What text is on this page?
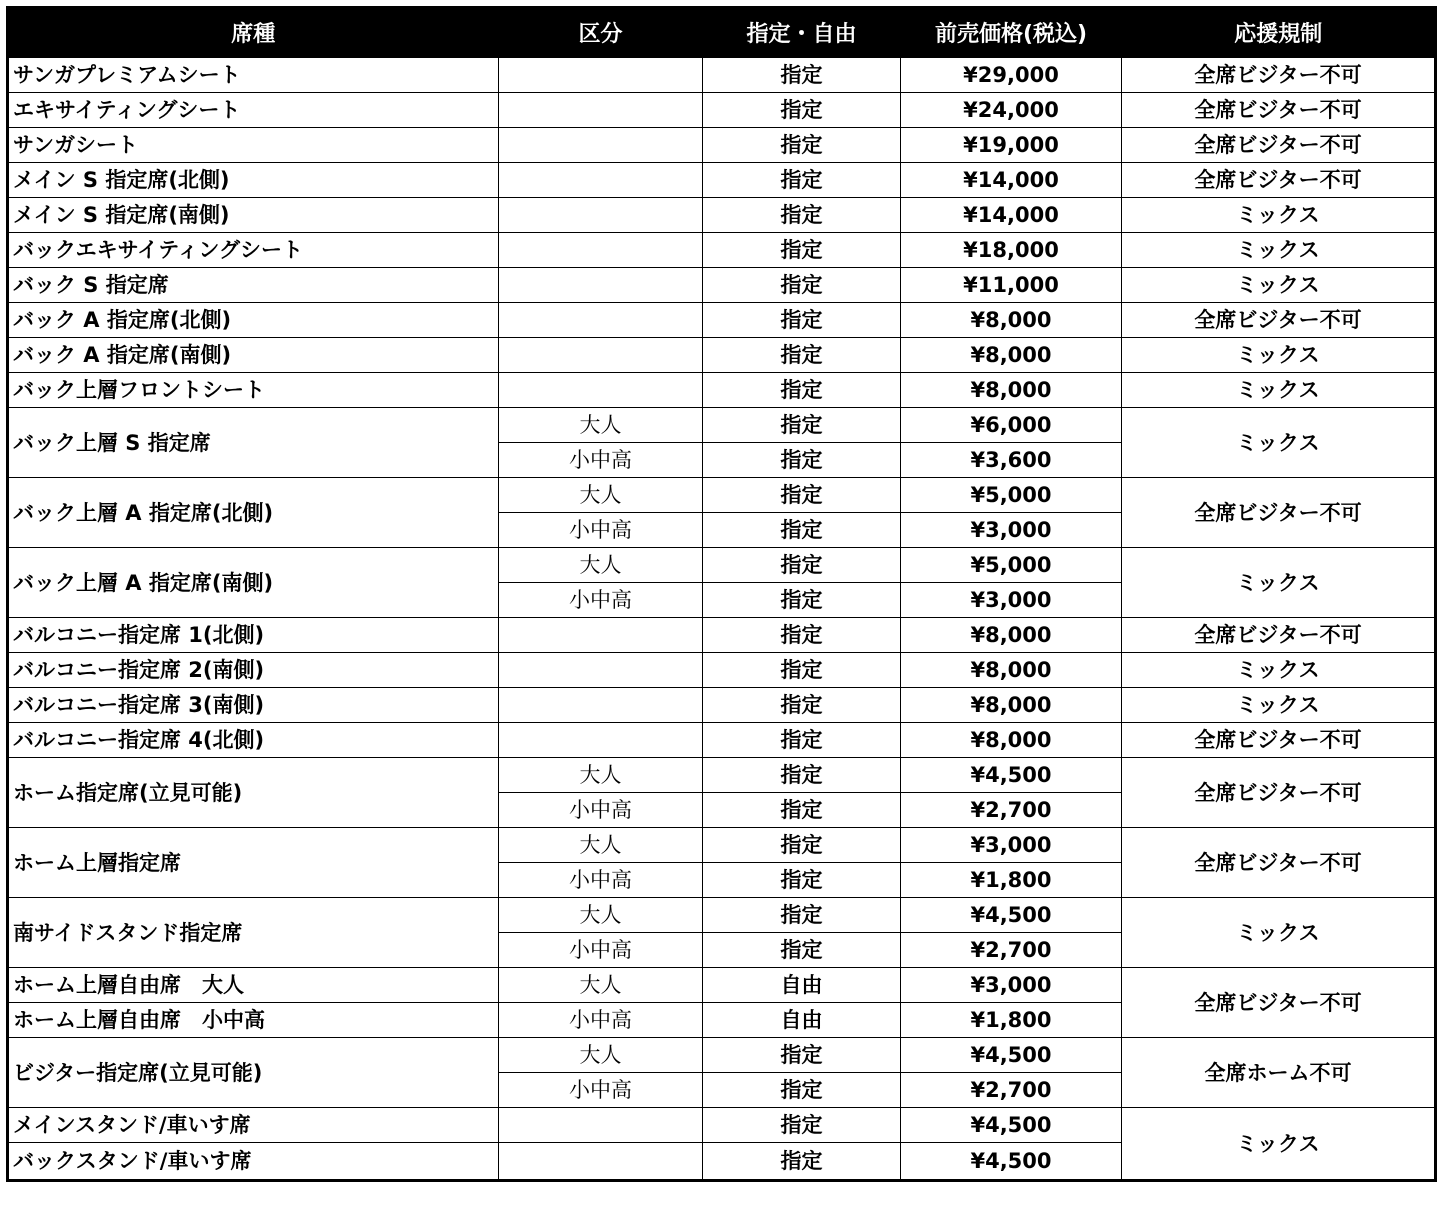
席種	区分	指定・自由	前売価格(税込)	応援規制
サンガプレミアムシート		指定	¥29,000	全席ビジター不可
エキサイティングシート		指定	¥24,000	全席ビジター不可
サンガシート		指定	¥19,000	全席ビジター不可
メイン S 指定席(北側)		指定	¥14,000	全席ビジター不可
メイン S 指定席(南側)		指定	¥14,000	ミックス
バックエキサイティングシート		指定	¥18,000	ミックス
バック S 指定席		指定	¥11,000	ミックス
バック A 指定席(北側)		指定	¥8,000	全席ビジター不可
バック A 指定席(南側)		指定	¥8,000	ミックス
バック上層フロントシート		指定	¥8,000	ミックス
バック上層 S 指定席	大人	指定	¥6,000	ミックス
	小中高	指定	¥3,600	
バック上層 A 指定席(北側)	大人	指定	¥5,000	全席ビジター不可
	小中高	指定	¥3,000	
バック上層 A 指定席(南側)	大人	指定	¥5,000	ミックス
	小中高	指定	¥3,000	
バルコニー指定席 1(北側)		指定	¥8,000	全席ビジター不可
バルコニー指定席 2(南側)		指定	¥8,000	ミックス
バルコニー指定席 3(南側)		指定	¥8,000	ミックス
バルコニー指定席 4(北側)		指定	¥8,000	全席ビジター不可
ホーム指定席(立見可能)	大人	指定	¥4,500	全席ビジター不可
	小中高	指定	¥2,700	
ホーム上層指定席	大人	指定	¥3,000	全席ビジター不可
	小中高	指定	¥1,800	
南サイドスタンド指定席	大人	指定	¥4,500	ミックス
	小中高	指定	¥2,700	
ホーム上層自由席　大人	大人	自由	¥3,000	全席ビジター不可
ホーム上層自由席　小中高	小中高	自由	¥1,800	
ビジター指定席(立見可能)	大人	指定	¥4,500	全席ホーム不可
	小中高	指定	¥2,700	
メインスタンド/車いす席		指定	¥4,500	ミックス
バックスタンド/車いす席		指定	¥4,500	
